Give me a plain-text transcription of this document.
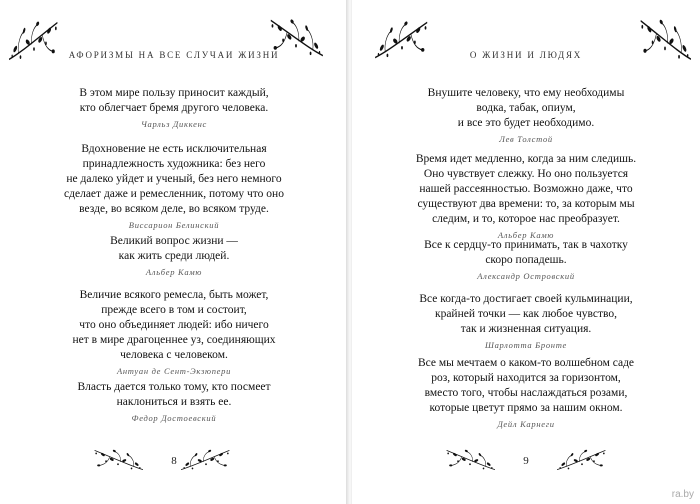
АФОРИЗМЫ НА ВСЕ СЛУЧАИ ЖИЗНИ
В этом мире пользу приносит каждый,
кто облегчает бремя другого человека.
Чарльз Диккенс
Вдохновение не есть исключительная
принадлежность художника: без него
не далеко уйдет и ученый, без него немного
сделает даже и ремесленник, потому что оно
везде, во всяком деле, во всяком труде.
Виссарион Белинский
Великий вопрос жизни —
как жить среди людей.
Альбер Камю
Величие всякого ремесла, быть может,
прежде всего в том и состоит,
что оно объединяет людей: ибо ничего
нет в мире драгоценнее уз, соединяющих
человека с человеком.
Антуан де Сент-Экзюпери
Власть дается только тому, кто посмеет
наклониться и взять ее.
Федор Достоевский
8
О ЖИЗНИ И ЛЮДЯХ
Внушите человеку, что ему необходимы
водка, табак, опиум,
и все это будет необходимо.
Лев Толстой
Время идет медленно, когда за ним следишь.
Оно чувствует слежку. Но оно пользуется
нашей рассеянностью. Возможно даже, что
существуют два времени: то, за которым мы
следим, и то, которое нас преобразует.
Альбер Камю
Все к сердцу-то принимать, так в чахотку
скоро попадешь.
Александр Островский
Все когда-то достигает своей кульминации,
крайней точки — как любое чувство,
так и жизненная ситуация.
Шарлотта Бронте
Все мы мечтаем о каком-то волшебном саде
роз, который находится за горизонтом,
вместо того, чтобы наслаждаться розами,
которые цветут прямо за нашим окном.
Дейл Карнеги
9
ra.by
